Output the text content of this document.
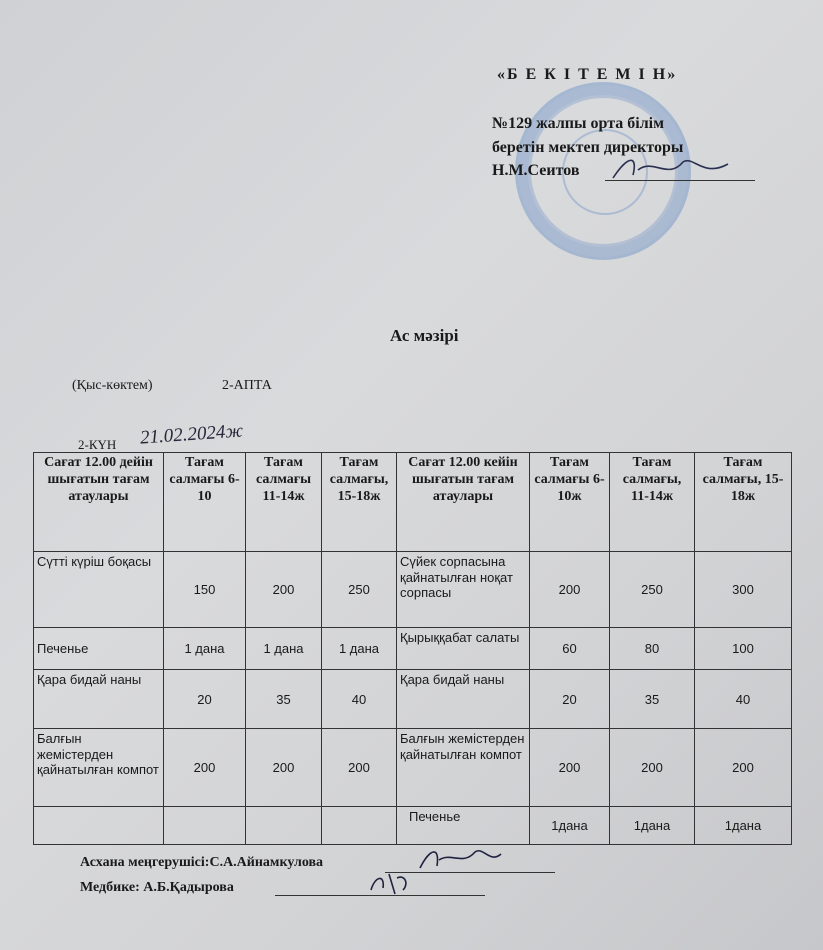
«Б Е К І Т Е М І Н»
№129 жалпы орта білім
беретін мектеп директоры
Н.М.Сеитов
Ас мәзірі
(Қыс-көктем)	2-АПТА
2-КҮН 21.02.2024ж
Сағат 12.00 дейін шығатын тағам атаулары	Тағам салмағы 6-10	Тағам салмағы 11-14ж	Тағам салмағы, 15-18ж	Сағат 12.00 кейін шығатын тағам атаулары	Тағам салмағы 6-10ж	Тағам салмағы, 11-14ж	Тағам салмағы, 15-18ж
Сүтті күріш боқасы	150	200	250	Сүйек сорпасына қайнатылған ноқат сорпасы	200	250	300
Печенье	1 дана	1 дана	1 дана	Қырыққабат салаты	60	80	100
Қара бидай наны	20	35	40	Қара бидай наны	20	35	40
Балғын жемістерден қайнатылған компот	200	200	200	Балғын жемістерден қайнатылған компот	200	200	200
				Печенье	1дана	1дана	1дана
Асхана меңгерушісі:С.А.Айнамкулова
Медбике: А.Б.Қадырова
